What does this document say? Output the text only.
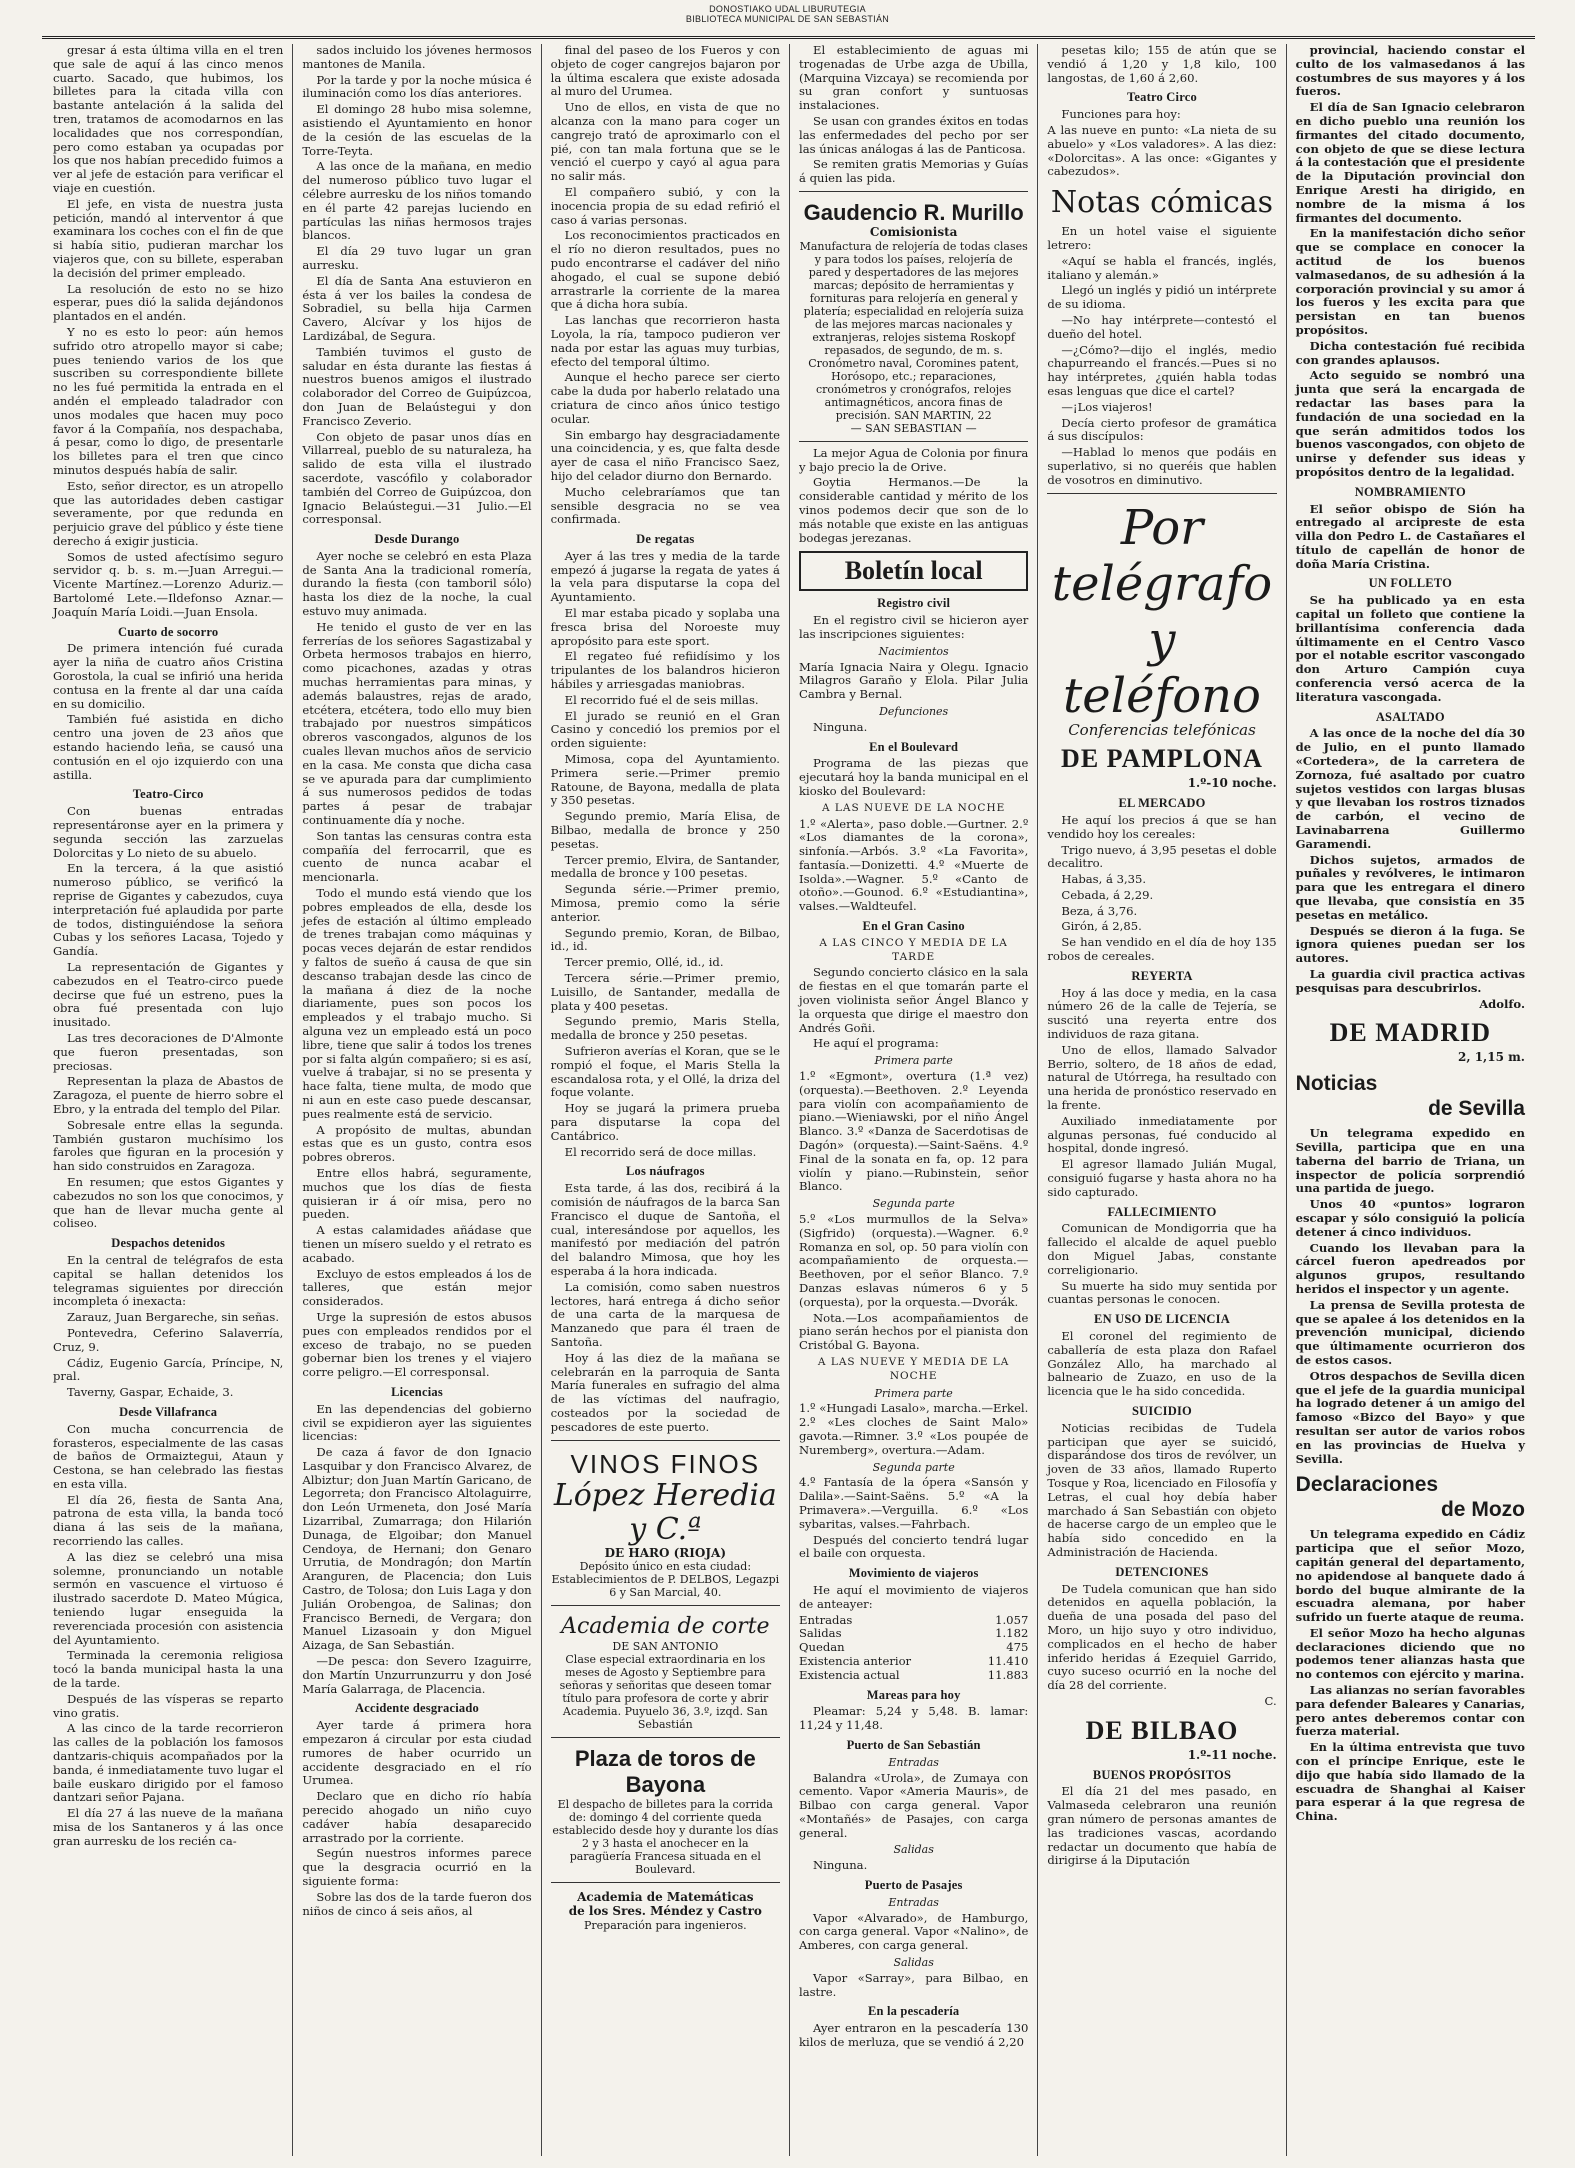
DONOSTIAKO UDAL LIBURUTEGIA
BIBLIOTECA MUNICIPAL DE SAN SEBASTIÁN

gresar á esta última villa en el tren que sale de aquí á las cinco menos cuarto. Sacado, que hubimos, los billetes para la citada villa con bastante antelación á la salida del tren, tratamos de acomodarnos en las localidades que nos correspondían, pero como estaban ya ocupadas por los que nos habían precedido fuimos a ver al jefe de estación para verificar el viaje en cuestión.

El jefe, en vista de nuestra justa petición, mandó al interventor á que examinara los coches con el fin de que si había sitio, pudieran marchar los viajeros que, con su billete, esperaban la decisión del primer empleado.

La resolución de esto no se hizo esperar, pues dió la salida dejándonos plantados en el andén.

Y no es esto lo peor: aún hemos sufrido otro atropello mayor si cabe; pues teniendo varios de los que suscriben su correspondiente billete no les fué permitida la entrada en el andén el empleado taladrador con unos modales que hacen muy poco favor á la Compañía, nos despachaba, á pesar, como lo digo, de presentarle los billetes para el tren que cinco minutos después había de salir.

Esto, señor director, es un atropello que las autoridades deben castigar severamente, por que redunda en perjuicio grave del público y éste tiene derecho á exigir justicia.

Somos de usted afectísimo seguro servidor q. b. s. m.—Juan Arregui.—Vicente Martínez.—Lorenzo Aduriz.—Bartolomé Lete.—Ildefonso Aznar.—Joaquín María Loidi.—Juan Ensola.

Cuarto de socorro

De primera intención fué curada ayer la niña de cuatro años Cristina Gorostola, la cual se infirió una herida contusa en la frente al dar una caída en su domicilio.

También fué asistida en dicho centro una joven de 23 años que estando haciendo leña, se causó una contusión en el ojo izquierdo con una astilla.

Teatro-Circo

Con buenas entradas representáronse ayer en la primera y segunda sección las zarzuelas Dolorcitas y Lo nieto de su abuelo.

En la tercera, á la que asistió numeroso público, se verificó la reprise de Gigantes y cabezudos, cuya interpretación fué aplaudida por parte de todos, distinguiéndose la señora Cubas y los señores Lacasa, Tojedo y Gandía.

La representación de Gigantes y cabezudos en el Teatro-circo puede decirse que fué un estreno, pues la obra fué presentada con lujo inusitado.

Las tres decoraciones de D'Almonte que fueron presentadas, son preciosas.

Representan la plaza de Abastos de Zaragoza, el puente de hierro sobre el Ebro, y la entrada del templo del Pilar.

Sobresale entre ellas la segunda. También gustaron muchísimo los faroles que figuran en la procesión y han sido construidos en Zaragoza.

En resumen; que estos Gigantes y cabezudos no son los que conocimos, y que han de llevar mucha gente al coliseo.

Despachos detenidos

En la central de telégrafos de esta capital se hallan detenidos los telegramas siguientes por dirección incompleta ó inexacta:

Zarauz, Juan Bergareche, sin señas.

Pontevedra, Ceferino Salaverría, Cruz, 9.

Cádiz, Eugenio García, Príncipe, N, pral.

Taverny, Gaspar, Echaide, 3.

Desde Villafranca

Con mucha concurrencia de forasteros, especialmente de las casas de baños de Ormaiztegui, Ataun y Cestona, se han celebrado las fiestas en esta villa.

El día 26, fiesta de Santa Ana, patrona de esta villa, la banda tocó diana á las seis de la mañana, recorriendo las calles.

A las diez se celebró una misa solemne, pronunciando un notable sermón en vascuence el virtuoso é ilustrado sacerdote D. Mateo Múgica, teniendo lugar enseguida la reverenciada procesión con asistencia del Ayuntamiento.

Terminada la ceremonia religiosa tocó la banda municipal hasta la una de la tarde.

Después de las vísperas se reparto vino gratis.

A las cinco de la tarde recorrieron las calles de la población los famosos dantzaris-chiquis acompañados por la banda, é inmediatamente tuvo lugar el baile euskaro dirigido por el famoso dantzari señor Pajana.

El día 27 á las nueve de la mañana misa de los Santaneros y á las once gran aurresku de los recién ca-

sados incluido los jóvenes hermosos mantones de Manila.

Por la tarde y por la noche música é iluminación como los días anteriores.

El domingo 28 hubo misa solemne, asistiendo el Ayuntamiento en honor de la cesión de las escuelas de la Torre-Teyta.

A las once de la mañana, en medio del numeroso público tuvo lugar el célebre aurresku de los niños tomando en él parte 42 parejas luciendo en partículas las niñas hermosos trajes blancos.

El día 29 tuvo lugar un gran aurresku.

El día de Santa Ana estuvieron en ésta á ver los bailes la condesa de Sobradiel, su bella hija Carmen Cavero, Alcívar y los hijos de Lardizábal, de Segura.

También tuvimos el gusto de saludar en ésta durante las fiestas á nuestros buenos amigos el ilustrado colaborador del Correo de Guipúzcoa, don Juan de Belaústegui y don Francisco Zeverio.

Con objeto de pasar unos días en Villarreal, pueblo de su naturaleza, ha salido de esta villa el ilustrado sacerdote, vascófilo y colaborador también del Correo de Guipúzcoa, don Ignacio Belaústegui.—31 Julio.—El corresponsal.

Desde Durango

Ayer noche se celebró en esta Plaza de Santa Ana la tradicional romería, durando la fiesta (con tamboril sólo) hasta los diez de la noche, la cual estuvo muy animada.

He tenido el gusto de ver en las ferrerías de los señores Sagastizabal y Orbeta hermosos trabajos en hierro, como picachones, azadas y otras muchas herramientas para minas, y además balaustres, rejas de arado, etcétera, etcétera, todo ello muy bien trabajado por nuestros simpáticos obreros vascongados, algunos de los cuales llevan muchos años de servicio en la casa. Me consta que dicha casa se ve apurada para dar cumplimiento á sus numerosos pedidos de todas partes á pesar de trabajar continuamente día y noche.

Son tantas las censuras contra esta compañía del ferrocarril, que es cuento de nunca acabar el mencionarla.

Todo el mundo está viendo que los pobres empleados de ella, desde los jefes de estación al último empleado de trenes trabajan como máquinas y pocas veces dejarán de estar rendidos y faltos de sueño á causa de que sin descanso trabajan desde las cinco de la mañana á diez de la noche diariamente, pues son pocos los empleados y el trabajo mucho. Si alguna vez un empleado está un poco libre, tiene que salir á todos los trenes por si falta algún compañero; si es así, vuelve á trabajar, si no se presenta y hace falta, tiene multa, de modo que ni aun en este caso puede descansar, pues realmente está de servicio.

A propósito de multas, abundan estas que es un gusto, contra esos pobres obreros.

Entre ellos habrá, seguramente, muchos que los días de fiesta quisieran ir á oír misa, pero no pueden.

A estas calamidades añádase que tienen un mísero sueldo y el retrato es acabado.

Excluyo de estos empleados á los de talleres, que están mejor considerados.

Urge la supresión de estos abusos pues con empleados rendidos por el exceso de trabajo, no se pueden gobernar bien los trenes y el viajero corre peligro.—El corresponsal.

Licencias

En las dependencias del gobierno civil se expidieron ayer las siguientes licencias:

De caza á favor de don Ignacio Lasquibar y don Francisco Alvarez, de Albiztur; don Juan Martín Garicano, de Legorreta; don Francisco Altolaguirre, don León Urmeneta, don José María Lizarribal, Zumarraga; don Hilarión Dunaga, de Elgoibar; don Manuel Cendoya, de Hernani; don Genaro Urrutia, de Mondragón; don Martín Aranguren, de Placencia; don Luis Castro, de Tolosa; don Luis Laga y don Julián Orobengoa, de Salinas; don Francisco Bernedi, de Vergara; don Manuel Lizasoain y don Miguel Aizaga, de San Sebastián.

—De pesca: don Severo Izaguirre, don Martín Unzurrunzurru y don José María Galarraga, de Placencia.

Accidente desgraciado

Ayer tarde á primera hora empezaron á circular por esta ciudad rumores de haber ocurrido un accidente desgraciado en el río Urumea.

Declaro que en dicho río había perecido ahogado un niño cuyo cadáver había desaparecido arrastrado por la corriente.

Según nuestros informes parece que la desgracia ocurrió en la siguiente forma:

Sobre las dos de la tarde fueron dos niños de cinco á seis años, al

final del paseo de los Fueros y con objeto de coger cangrejos bajaron por la última escalera que existe adosada al muro del Urumea.

Uno de ellos, en vista de que no alcanza con la mano para coger un cangrejo trató de aproximarlo con el pié, con tan mala fortuna que se le venció el cuerpo y cayó al agua para no salir más.

El compañero subió, y con la inocencia propia de su edad refirió el caso á varias personas.

Los reconocimientos practicados en el río no dieron resultados, pues no pudo encontrarse el cadáver del niño ahogado, el cual se supone debió arrastrarle la corriente de la marea que á dicha hora subía.

Las lanchas que recorrieron hasta Loyola, la ría, tampoco pudieron ver nada por estar las aguas muy turbias, efecto del temporal último.

Aunque el hecho parece ser cierto cabe la duda por haberlo relatado una criatura de cinco años único testigo ocular.

Sin embargo hay desgraciadamente una coincidencia, y es, que falta desde ayer de casa el niño Francisco Saez, hijo del celador diurno don Bernardo.

Mucho celebraríamos que tan sensible desgracia no se vea confirmada.

De regatas

Ayer á las tres y media de la tarde empezó á jugarse la regata de yates á la vela para disputarse la copa del Ayuntamiento.

El mar estaba picado y soplaba una fresca brisa del Noroeste muy apropósito para este sport.

El regateo fué refiidísimo y los tripulantes de los balandros hicieron hábiles y arriesgadas maniobras.

El recorrido fué el de seis millas.

El jurado se reunió en el Gran Casino y concedió los premios por el orden siguiente:

Mimosa, copa del Ayuntamiento. Primera serie.—Primer premio Ratoune, de Bayona, medalla de plata y 350 pesetas.

Segundo premio, María Elisa, de Bilbao, medalla de bronce y 250 pesetas.

Tercer premio, Elvira, de Santander, medalla de bronce y 100 pesetas.

Segunda série.—Primer premio, Mimosa, premio como la série anterior.

Segundo premio, Koran, de Bilbao, id., id.

Tercer premio, Ollé, id., id.

Tercera série.—Primer premio, Luisillo, de Santander, medalla de plata y 400 pesetas.

Segundo premio, Maris Stella, medalla de bronce y 250 pesetas.

Sufrieron averías el Koran, que se le rompió el foque, el Maris Stella la escandalosa rota, y el Ollé, la driza del foque volante.

Hoy se jugará la primera prueba para disputarse la copa del Cantábrico.

El recorrido será de doce millas.

Los náufragos

Esta tarde, á las dos, recibirá á la comisión de náufragos de la barca San Francisco el duque de Santoña, el cual, interesándose por aquellos, les manifestó por mediación del patrón del balandro Mimosa, que hoy les esperaba á la hora indicada.

La comisión, como saben nuestros lectores, hará entrega á dicho señor de una carta de la marquesa de Manzanedo que para él traen de Santoña.

Hoy á las diez de la mañana se celebrarán en la parroquia de Santa María funerales en sufragio del alma de las víctimas del naufragio, costeados por la sociedad de pescadores de este puerto.

VINOS FINOS
López Heredia y C.ª
DE HARO (RIOJA)
Depósito único en esta ciudad: Establecimientos de P. DELBOS, Legazpi 6 y San Marcial, 40.
Academia de corte
DE SAN ANTONIO
Clase especial extraordinaria en los meses de Agosto y Septiembre para señoras y señoritas que deseen tomar título para profesora de corte y abrir Academia. Puyuelo 36, 3.º, izqd. San Sebastián
Plaza de toros de Bayona
El despacho de billetes para la corrida de: domingo 4 del corriente queda establecido desde hoy y durante los días 2 y 3 hasta el anochecer en la paragüería Francesa situada en el Boulevard.
Academia de Matemáticas
de los Sres. Méndez y Castro
Preparación para ingenieros.

El establecimiento de aguas mi trogenadas de Urbe azga de Ubilla, (Marquina Vizcaya) se recomienda por su gran confort y suntuosas instalaciones.

Se usan con grandes éxitos en todas las enfermedades del pecho por ser las únicas análogas á las de Panticosa.

Se remiten gratis Memorias y Guías á quien las pida.

Gaudencio R. Murillo
Comisionista
Manufactura de relojería de todas clases y para todos los países, relojería de pared y despertadores de las mejores marcas; depósito de herramientas y fornituras para relojería en general y platería; especialidad en relojería suiza de las mejores marcas nacionales y extranjeras, relojes sistema Roskopf repasados, de segundo, de m. s. Cronómetro naval, Coromines patent, Horósopo, etc.; reparaciones, cronómetros y cronógrafos, relojes antimagnéticos, ancora finas de precisión. SAN MARTIN, 22
— SAN SEBASTIAN —

La mejor Agua de Colonia por finura y bajo precio la de Orive.

Goytia Hermanos.—De la considerable cantidad y mérito de los vinos podemos decir que son de lo más notable que existe en las antiguas bodegas jerezanas.

Boletín local
Registro civil

En el registro civil se hicieron ayer las inscripciones siguientes:

Nacimientos

María Ignacia Naira y Olegu. Ignacio Milagros Garaño y Elola. Pilar Julia Cambra y Bernal.

Defunciones

Ninguna.

En el Boulevard

Programa de las piezas que ejecutará hoy la banda municipal en el kiosko del Boulevard:

A LAS NUEVE DE LA NOCHE

1.º «Alerta», paso doble.—Gurtner. 2.º «Los diamantes de la corona», sinfonía.—Arbós. 3.º «La Favorita», fantasía.—Donizetti. 4.º «Muerte de Isolda».—Wagner. 5.º «Canto de otoño».—Gounod. 6.º «Estudiantina», valses.—Waldteufel.

En el Gran Casino
A LAS CINCO Y MEDIA DE LA TARDE

Segundo concierto clásico en la sala de fiestas en el que tomarán parte el joven violinista señor Ángel Blanco y la orquesta que dirige el maestro don Andrés Goñi.

He aquí el programa:

Primera parte

1.º «Egmont», overtura (1.ª vez) (orquesta).—Beethoven. 2.º Leyenda para violín con acompañamiento de piano.—Wieniawski, por el niño Ángel Blanco. 3.º «Danza de Sacerdotisas de Dagón» (orquesta).—Saint-Saëns. 4.º Final de la sonata en fa, op. 12 para violín y piano.—Rubinstein, señor Blanco.

Segunda parte

5.º «Los murmullos de la Selva» (Sigfrido) (orquesta).—Wagner. 6.º Romanza en sol, op. 50 para violín con acompañamiento de orquesta.—Beethoven, por el señor Blanco. 7.º Danzas eslavas números 6 y 5 (orquesta), por la orquesta.—Dvorák.

Nota.—Los acompañamientos de piano serán hechos por el pianista don Cristóbal G. Bayona.

A LAS NUEVE Y MEDIA DE LA NOCHE
Primera parte

1.º «Hungadi Lasalo», marcha.—Erkel. 2.º «Les cloches de Saint Malo» gavota.—Rimner. 3.º «Los poupée de Nuremberg», overtura.—Adam.

Segunda parte

4.º Fantasía de la ópera «Sansón y Dalila».—Saint-Saëns. 5.º «A la Primavera».—Verguilla. 6.º «Los sybaritas, valses.—Fahrbach.

Después del concierto tendrá lugar el baile con orquesta.

Movimiento de viajeros

He aquí el movimiento de viajeros de anteayer:

Entradas	1.057
Salidas	1.182
Quedan	475
Existencia anterior	11.410
Existencia actual	11.883
Mareas para hoy

Pleamar: 5,24 y 5,48. B. lamar: 11,24 y 11,48.

Puerto de San Sebastián
Entradas

Balandra «Urola», de Zumaya con cemento. Vapor «Ameria Mauris», de Bilbao con carga general. Vapor «Montañés» de Pasajes, con carga general.

Salidas

Ninguna.

Puerto de Pasajes
Entradas

Vapor «Alvarado», de Hamburgo, con carga general. Vapor «Nalino», de Amberes, con carga general.

Salidas

Vapor «Sarray», para Bilbao, en lastre.

En la pescadería

Ayer entraron en la pescadería 130 kilos de merluza, que se vendió á 2,20

pesetas kilo; 155 de atún que se vendió á 1,20 y 1,8 kilo, 100 langostas, de 1,60 á 2,60.

Teatro Circo

Funciones para hoy:

A las nueve en punto: «La nieta de su abuelo» y «Los valadores». A las diez: «Dolorcitas». A las once: «Gigantes y cabezudos».

Notas cómicas

En un hotel vaise el siguiente letrero:

«Aquí se habla el francés, inglés, italiano y alemán.»

Llegó un inglés y pidió un intérprete de su idioma.

—No hay intérprete—contestó el dueño del hotel.

—¿Cómo?—dijo el inglés, medio chapurreando el francés.—Pues si no hay intérpretes, ¿quién habla todas esas lenguas que dice el cartel?

—¡Los viajeros!

Decía cierto profesor de gramática á sus discípulos:

—Hablad lo menos que podáis en superlativo, si no queréis que hablen de vosotros en diminutivo.

Por telégrafo y teléfono
Conferencias telefónicas
DE PAMPLONA
1.º-10 noche.
EL MERCADO

He aquí los precios á que se han vendido hoy los cereales:

Trigo nuevo, á 3,95 pesetas el doble decalitro.

Habas, á 3,35.

Cebada, á 2,29.

Beza, á 3,76.

Girón, á 2,85.

Se han vendido en el día de hoy 135 robos de cereales.

REYERTA

Hoy á las doce y media, en la casa número 26 de la calle de Tejería, se suscitó una reyerta entre dos individuos de raza gitana.

Uno de ellos, llamado Salvador Berrio, soltero, de 18 años de edad, natural de Utórrega, ha resultado con una herida de pronóstico reservado en la frente.

Auxiliado inmediatamente por algunas personas, fué conducido al hospital, donde ingresó.

El agresor llamado Julián Mugal, consiguió fugarse y hasta ahora no ha sido capturado.

FALLECIMIENTO

Comunican de Mondigorria que ha fallecido el alcalde de aquel pueblo don Miguel Jabas, constante correligionario.

Su muerte ha sido muy sentida por cuantas personas le conocen.

EN USO DE LICENCIA

El coronel del regimiento de caballería de esta plaza don Rafael González Allo, ha marchado al balneario de Zuazo, en uso de la licencia que le ha sido concedida.

SUICIDIO

Noticias recibidas de Tudela participan que ayer se suicidó, disparándose dos tiros de revólver, un joven de 33 años, llamado Ruperto Tosque y Roa, licenciado en Filosofía y Letras, el cual hoy debía haber marchado á San Sebastián con objeto de hacerse cargo de un empleo que le había sido concedido en la Administración de Hacienda.

DETENCIONES

De Tudela comunican que han sido detenidos en aquella población, la dueña de una posada del paso del Moro, un hijo suyo y otro individuo, complicados en el hecho de haber inferido heridas á Ezequiel Garrido, cuyo suceso ocurrió en la noche del día 28 del corriente.

C.

DE BILBAO
1.º-11 noche.
BUENOS PROPÓSITOS

El día 21 del mes pasado, en Valmaseda celebraron una reunión gran número de personas amantes de las tradiciones vascas, acordando redactar un documento que había de dirigirse á la Diputación

provincial, haciendo constar el culto de los valmasedanos á las costumbres de sus mayores y á los fueros.

El día de San Ignacio celebraron en dicho pueblo una reunión los firmantes del citado documento, con objeto de que se diese lectura á la contestación que el presidente de la Diputación provincial don Enrique Aresti ha dirigido, en nombre de la misma á los firmantes del documento.

En la manifestación dicho señor que se complace en conocer la actitud de los buenos valmasedanos, de su adhesión á la corporación provincial y su amor á los fueros y les excita para que persistan en tan buenos propósitos.

Dicha contestación fué recibida con grandes aplausos.

Acto seguido se nombró una junta que será la encargada de redactar las bases para la fundación de una sociedad en la que serán admitidos todos los buenos vascongados, con objeto de unirse y defender sus ideas y propósitos dentro de la legalidad.

NOMBRAMIENTO

El señor obispo de Sión ha entregado al arcipreste de esta villa don Pedro L. de Castañares el título de capellán de honor de doña María Cristina.

UN FOLLETO

Se ha publicado ya en esta capital un folleto que contiene la brillantísima conferencia dada últimamente en el Centro Vasco por el notable escritor vascongado don Arturo Campión cuya conferencia versó acerca de la literatura vascongada.

ASALTADO

A las once de la noche del día 30 de Julio, en el punto llamado «Cortedera», de la carretera de Zornoza, fué asaltado por cuatro sujetos vestidos con largas blusas y que llevaban los rostros tiznados de carbón, el vecino de Lavinabarrena Guillermo Garamendi.

Dichos sujetos, armados de puñales y revólveres, le intimaron para que les entregara el dinero que llevaba, que consistía en 35 pesetas en metálico.

Después se dieron á la fuga. Se ignora quienes puedan ser los autores.

La guardia civil practica activas pesquisas para descubrirlos.

Adolfo.

DE MADRID
2, 1,15 m.
Noticias
de Sevilla

Un telegrama expedido en Sevilla, participa que en una taberna del barrio de Triana, un inspector de policía sorprendió una partida de juego.

Unos 40 «puntos» lograron escapar y sólo consiguió la policía detener á cinco individuos.

Cuando los llevaban para la cárcel fueron apedreados por algunos grupos, resultando heridos el inspector y un agente.

La prensa de Sevilla protesta de que se apalee á los detenidos en la prevención municipal, diciendo que últimamente ocurrieron dos de estos casos.

Otros despachos de Sevilla dicen que el jefe de la guardia municipal ha logrado detener á un amigo del famoso «Bizco del Bayo» y que resultan ser autor de varios robos en las provincias de Huelva y Sevilla.

Declaraciones
de Mozo

Un telegrama expedido en Cádiz participa que el señor Mozo, capitán general del departamento, no apidendose al banquete dado á bordo del buque almirante de la escuadra alemana, por haber sufrido un fuerte ataque de reuma.

El señor Mozo ha hecho algunas declaraciones diciendo que no podemos tener alianzas hasta que no contemos con ejército y marina.

Las alianzas no serían favorables para defender Baleares y Canarias, pero antes deberemos contar con fuerza material.

En la última entrevista que tuvo con el príncipe Enrique, este le dijo que había sido llamado de la escuadra de Shanghai al Kaiser para esperar á la que regresa de China.
